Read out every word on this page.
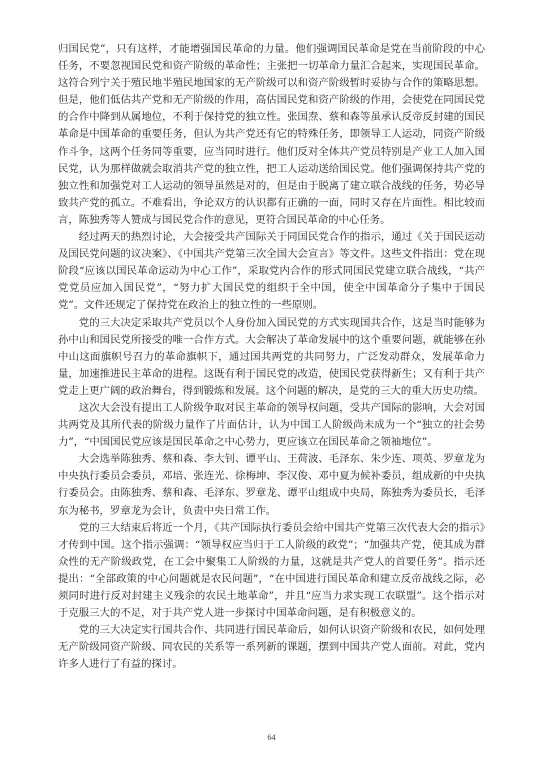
归国民党”，只有这样，才能增强国民革命的力量。他们强调国民革命是党在当前阶段的中心任务，不要忽视国民党和资产阶级的革命性；主张把一切革命力量汇合起来，实现国民革命。这符合列宁关于殖民地半殖民地国家的无产阶级可以和资产阶级暂时妥协与合作的策略思想。但是，他们低估共产党和无产阶级的作用，高估国民党和资产阶级的作用，会使党在同国民党的合作中降到从属地位，不利于保持党的独立性。张国焘、蔡和森等虽承认反帝反封建的国民革命是中国革命的重要任务，但认为共产党还有它的特殊任务，即领导工人运动，同资产阶级作斗争，这两个任务同等重要，应当同时进行。他们反对全体共产党员特别是产业工人加入国民党，认为那样做就会取消共产党的独立性，把工人运动送给国民党。他们强调保持共产党的独立性和加强党对工人运动的领导虽然是对的，但是由于脱离了建立联合战线的任务，势必导致共产党的孤立。不难看出，争论双方的认识都有正确的一面，同时又存在片面性。相比较而言，陈独秀等人赞成与国民党合作的意见，更符合国民革命的中心任务。

经过两天的热烈讨论，大会接受共产国际关于同国民党合作的指示，通过《关于国民运动及国民党问题的议决案》、《中国共产党第三次全国大会宣言》等文件。这些文件指出：党在现阶段“应该以国民革命运动为中心工作”，采取党内合作的形式同国民党建立联合战线，“共产党党员应加入国民党”，“努力扩大国民党的组织于全中国，使全中国革命分子集中于国民党”。文件还规定了保持党在政治上的独立性的一些原则。

党的三大决定采取共产党员以个人身份加入国民党的方式实现国共合作，这是当时能够为孙中山和国民党所接受的唯一合作方式。大会解决了革命发展中的这个重要问题，就能够在孙中山这面旗帜号召力的革命旗帜下，通过国共两党的共同努力，广泛发动群众，发展革命力量，加速推进民主革命的进程。这既有利于国民党的改造，使国民党获得新生；又有利于共产党走上更广阔的政治舞台，得到锻炼和发展。这个问题的解决，是党的三大的重大历史功绩。

这次大会没有提出工人阶级争取对民主革命的领导权问题，受共产国际的影响，大会对国共两党及其所代表的阶级力量作了片面估计，认为中国工人阶级尚未成为一个“独立的社会势力”，“中国国民党应该是国民革命之中心势力，更应该立在国民革命之领袖地位”。

大会选举陈独秀、蔡和森、李大钊、谭平山、王荷波、毛泽东、朱少连、项英、罗章龙为中央执行委员会委员，邓培、张连光、徐梅坤、李汉俊、邓中夏为候补委员，组成新的中央执行委员会。由陈独秀、蔡和森、毛泽东、罗章龙、谭平山组成中央局，陈独秀为委员长，毛泽东为秘书，罗章龙为会计，负责中央日常工作。

党的三大结束后将近一个月，《共产国际执行委员会给中国共产党第三次代表大会的指示》才传到中国。这个指示强调：“领导权应当归于工人阶级的政党”；“加强共产党，使其成为群众性的无产阶级政党，在工会中聚集工人阶级的力量，这就是共产党人的首要任务”。指示还提出：“全部政策的中心问题就是农民问题”，“在中国进行国民革命和建立反帝战线之际，必须同时进行反对封建主义残余的农民土地革命”，并且“应当力求实现工农联盟”。这个指示对于克服三大的不足，对于共产党人进一步探讨中国革命问题，是有积极意义的。

党的三大决定实行国共合作、共同进行国民革命后，如何认识资产阶级和农民，如何处理无产阶级同资产阶级、同农民的关系等一系列新的课题，摆到中国共产党人面前。对此，党内许多人进行了有益的探讨。

64
